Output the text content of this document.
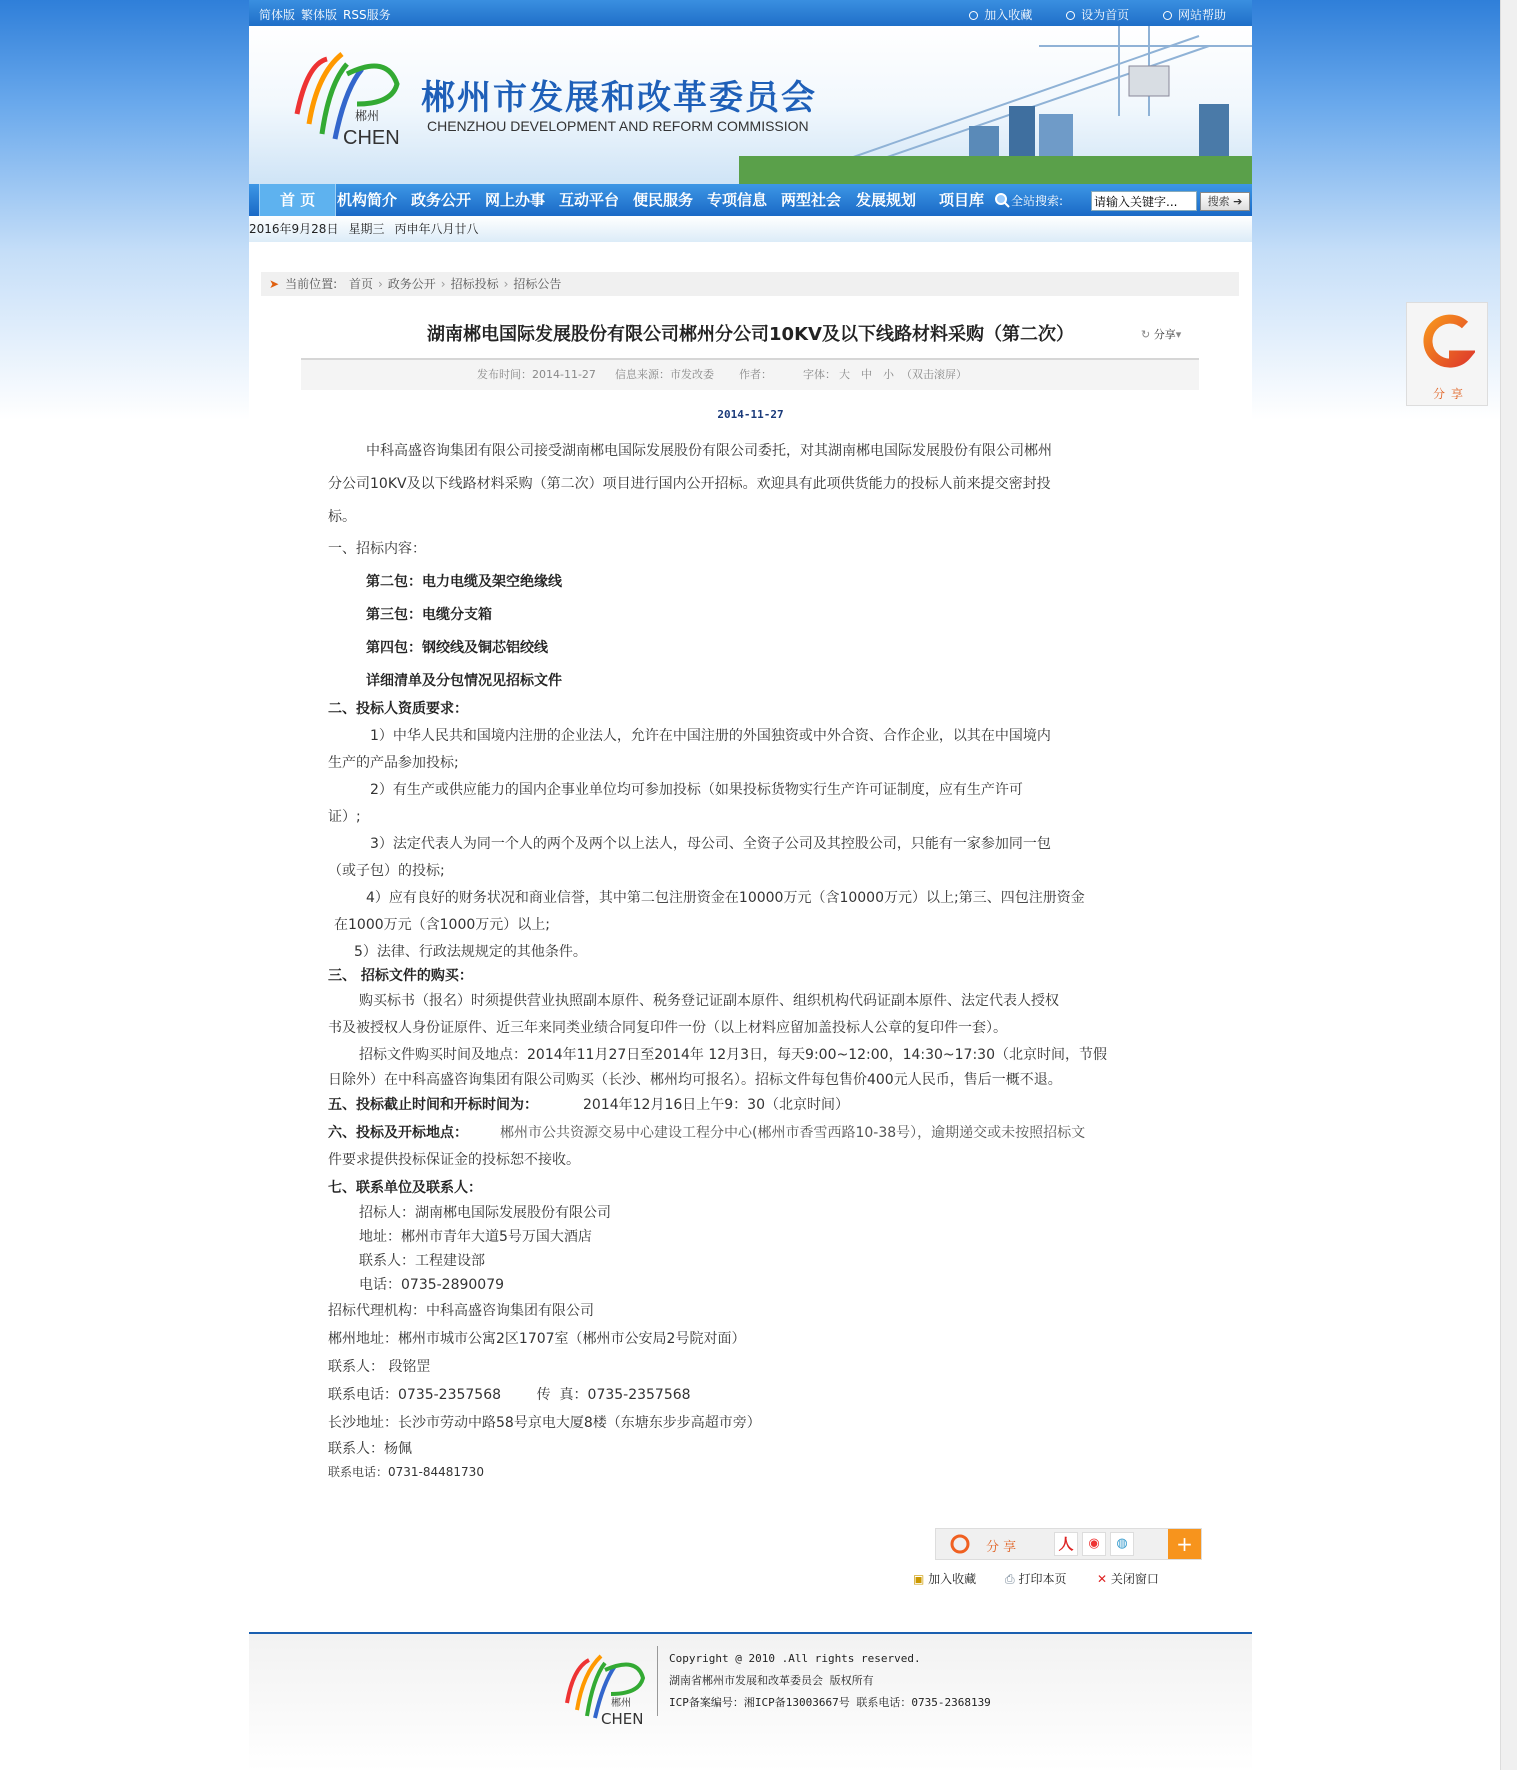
简体版 繁体版 RSS服务	加入收藏	设为首页	网站帮助
郴州
CHEN
郴州市发展和改革委员会
CHENZHOU DEVELOPMENT AND REFORM COMMISSION
首 页	机构简介 政务公开 网上办事 互动平台 便民服务 专项信息 两型社会 发展规划 项目库 全站搜索:
请输入关键字...	搜索 ➔
2016年9月28日 星期三 丙申年八月廿八
➤ 当前位置: 首页 › 政务公开 › 招标投标 › 招标公告
湖南郴电国际发展股份有限公司郴州分公司10KV及以下线路材料采购（第二次）	↻ 分享▾
发布时间：2014-11-27 信息来源：市发改委 作者：	字体： 大 中 小 （双击滚屏）
2014-11-27

中科高盛咨询集团有限公司接受湖南郴电国际发展股份有限公司委托，对其湖南郴电国际发展股份有限公司郴州

分公司10KV及以下线路材料采购（第二次）项目进行国内公开招标。欢迎具有此项供货能力的投标人前来提交密封投

标。

一、招标内容：

第二包：电力电缆及架空绝缘线

第三包：电缆分支箱

第四包：钢绞线及铜芯铝绞线

详细清单及分包情况见招标文件

二、投标人资质要求：

1）中华人民共和国境内注册的企业法人，允许在中国注册的外国独资或中外合资、合作企业，以其在中国境内

生产的产品参加投标;

2）有生产或供应能力的国内企事业单位均可参加投标（如果投标货物实行生产许可证制度，应有生产许可

证）;

3）法定代表人为同一个人的两个及两个以上法人，母公司、全资子公司及其控股公司，只能有一家参加同一包

（或子包）的投标;

4）应有良好的财务状况和商业信誉，其中第二包注册资金在10000万元（含10000万元）以上;第三、四包注册资金

在1000万元（含1000万元）以上;

5）法律、行政法规规定的其他条件。

三、 招标文件的购买：

购买标书（报名）时须提供营业执照副本原件、税务登记证副本原件、组织机构代码证副本原件、法定代表人授权

书及被授权人身份证原件、近三年来同类业绩合同复印件一份（以上材料应留加盖投标人公章的复印件一套）。

招标文件购买时间及地点：2014年11月27日至2014年 12月3日，每天9:00~12:00，14:30~17:30（北京时间，节假

日除外）在中科高盛咨询集团有限公司购买（长沙、郴州均可报名）。招标文件每包售价400元人民币，售后一概不退。

五、投标截止时间和开标时间为：	2014年12月16日上午9：30（北京时间）

六、投标及开标地点： 郴州市公共资源交易中心建设工程分中心(郴州市香雪西路10-38号），逾期递交或未按照招标文

件要求提供投标保证金的投标恕不接收。

七、联系单位及联系人：

招标人：湖南郴电国际发展股份有限公司

地址：郴州市青年大道5号万国大酒店

联系人：工程建设部

电话：0735-2890079

招标代理机构：中科高盛咨询集团有限公司

郴州地址：郴州市城市公寓2区1707室（郴州市公安局2号院对面）

联系人： 段铭罡

联系电话：0735-2357568        传  真：0735-2357568

长沙地址：长沙市劳动中路58号京电大厦8楼（东塘东步步高超市旁）

联系人：杨佩

联系电话：0731-84481730

分 享	人	◉	◍	+
▣ 加入收藏 ⎙ 打印本页	✕ 关闭窗口
郴州
CHEN
Copyright @ 2010 .All rights reserved.
湖南省郴州市发展和改革委员会 版权所有
ICP备案编号：湘ICP备13003667号 联系电话：0735-2368139
分享
